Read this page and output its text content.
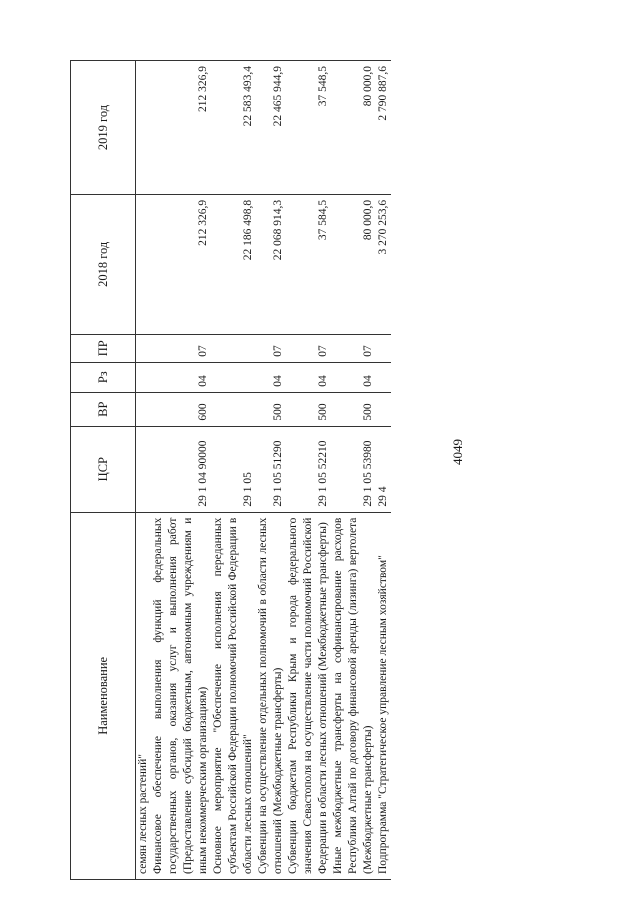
4049
Наименование	ЦСР	ВР	Рз	ПР	2018 год	2019 год
семян лесных растений"						
Финансовое обеспечение выполнения функций федеральных государственных органов, оказания услуг и выполнения работ (Предоставление субсидий бюджетным, автономным учреждениям и иным некоммерческим организациям)	29 1 04 90000	600	04	07	212 326,9	212 326,9
Основное мероприятие "Обеспечение исполнения переданных субъектам Российской Федерации полномочий Российской Федерации в области лесных отношений"	29 1 05				22 186 498,8	22 583 493,4
Субвенции на осуществление отдельных полномочий в области лесных отношений (Межбюджетные трансферты)	29 1 05 51290	500	04	07	22 068 914,3	22 465 944,9
Субвенции бюджетам Республики Крым и города федерального значения Севастополя на осуществление части полномочий Российской Федерации в области лесных отношений (Межбюджетные трансферты)	29 1 05 52210	500	04	07	37 584,5	37 548,5
Иные межбюджетные трансферты на софинансирование расходов Республики Алтай по договору финансовой аренды (лизинга) вертолета (Межбюджетные трансферты)	29 1 05 53980	500	04	07	80 000,0	80 000,0
Подпрограмма "Стратегическое управление лесным хозяйством"	29 4				3 270 253,6	2 790 887,6
